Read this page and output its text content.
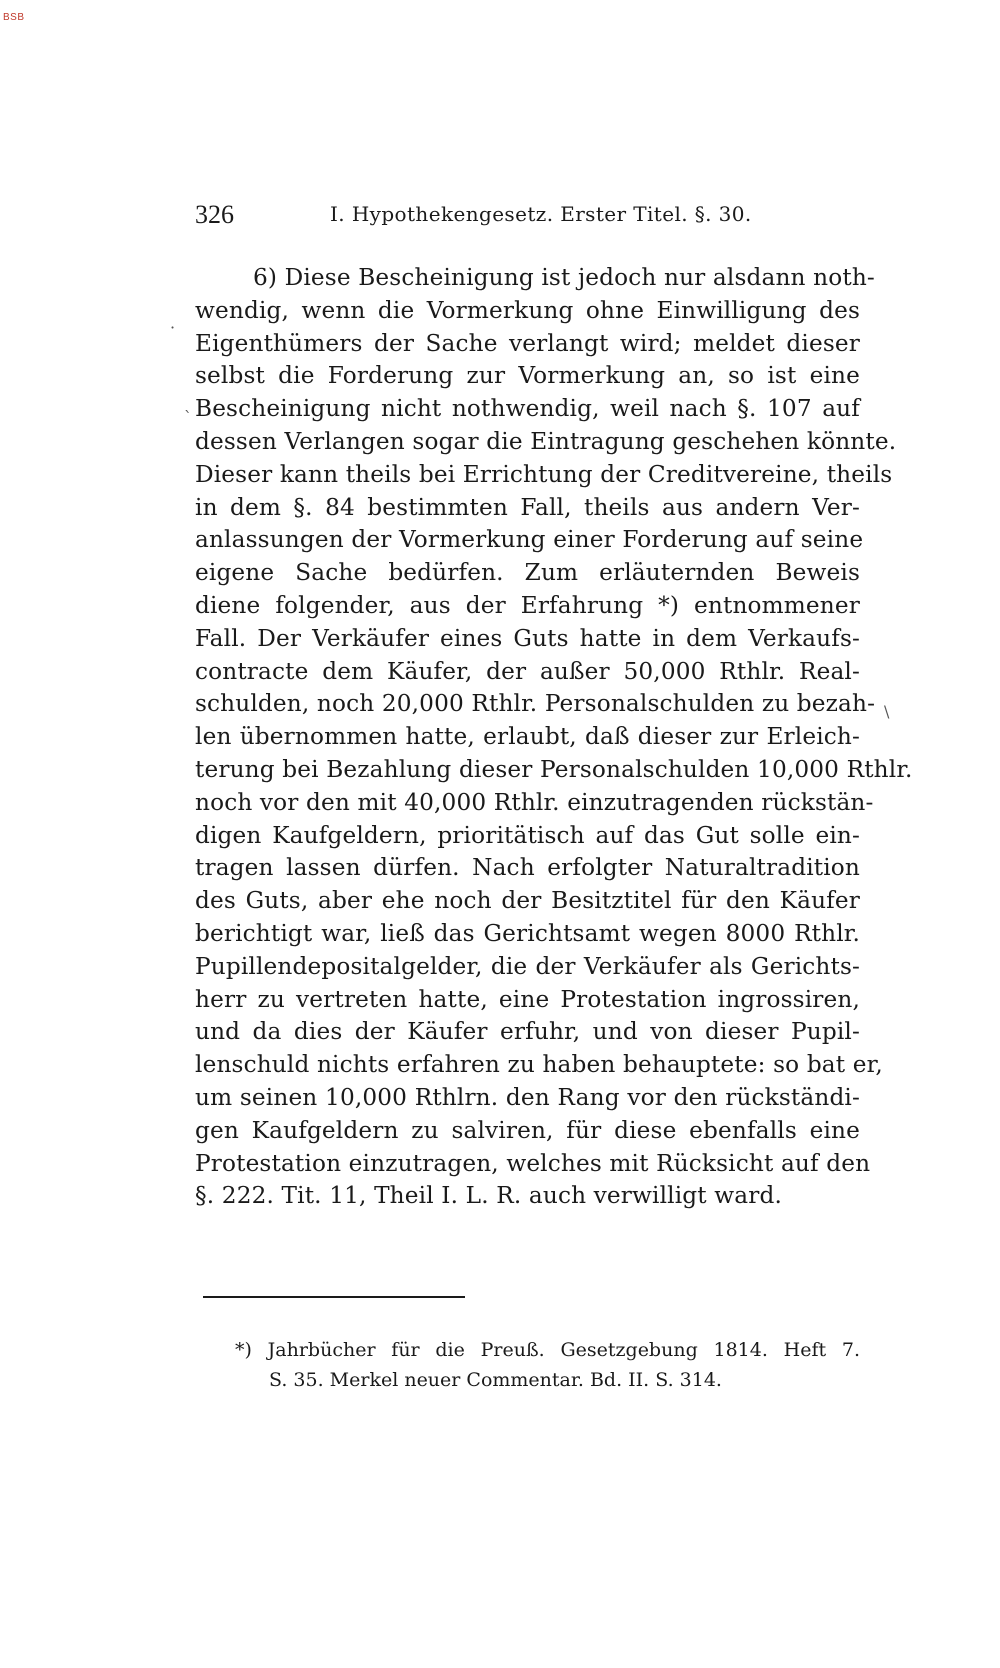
BSB
326	I. Hypothekengesetz. Erster Titel. §. 30.
6) Diese Bescheinigung ist jedoch nur alsdann noth-
wendig, wenn die Vormerkung ohne Einwilligung des
Eigenthümers der Sache verlangt wird; meldet dieser
selbst die Forderung zur Vormerkung an, so ist eine
Bescheinigung nicht nothwendig, weil nach §. 107 auf
dessen Verlangen sogar die Eintragung geschehen könnte.
Dieser kann theils bei Errichtung der Creditvereine, theils
in dem §. 84 bestimmten Fall, theils aus andern Ver-
anlassungen der Vormerkung einer Forderung auf seine
eigene Sache bedürfen. Zum erläuternden Beweis
diene folgender, aus der Erfahrung *) entnommener
Fall. Der Verkäufer eines Guts hatte in dem Verkaufs-
contracte dem Käufer, der außer 50,000 Rthlr. Real-
schulden, noch 20,000 Rthlr. Personalschulden zu bezah-
len übernommen hatte, erlaubt, daß dieser zur Erleich-
terung bei Bezahlung dieser Personalschulden 10,000 Rthlr.
noch vor den mit 40,000 Rthlr. einzutragenden rückstän-
digen Kaufgeldern, prioritätisch auf das Gut solle ein-
tragen lassen dürfen. Nach erfolgter Naturaltradition
des Guts, aber ehe noch der Besitztitel für den Käufer
berichtigt war, ließ das Gerichtsamt wegen 8000 Rthlr.
Pupillendepositalgelder, die der Verkäufer als Gerichts-
herr zu vertreten hatte, eine Protestation ingrossiren,
und da dies der Käufer erfuhr, und von dieser Pupil-
lenschuld nichts erfahren zu haben behauptete: so bat er,
um seinen 10,000 Rthlrn. den Rang vor den rückständi-
gen Kaufgeldern zu salviren, für diese ebenfalls eine
Protestation einzutragen, welches mit Rücksicht auf den
§. 222. Tit. 11, Theil I. L. R. auch verwilligt ward.
·
`
\
*) Jahrbücher für die Preuß. Gesetzgebung 1814. Heft 7.
S. 35. Merkel neuer Commentar. Bd. II. S. 314.
